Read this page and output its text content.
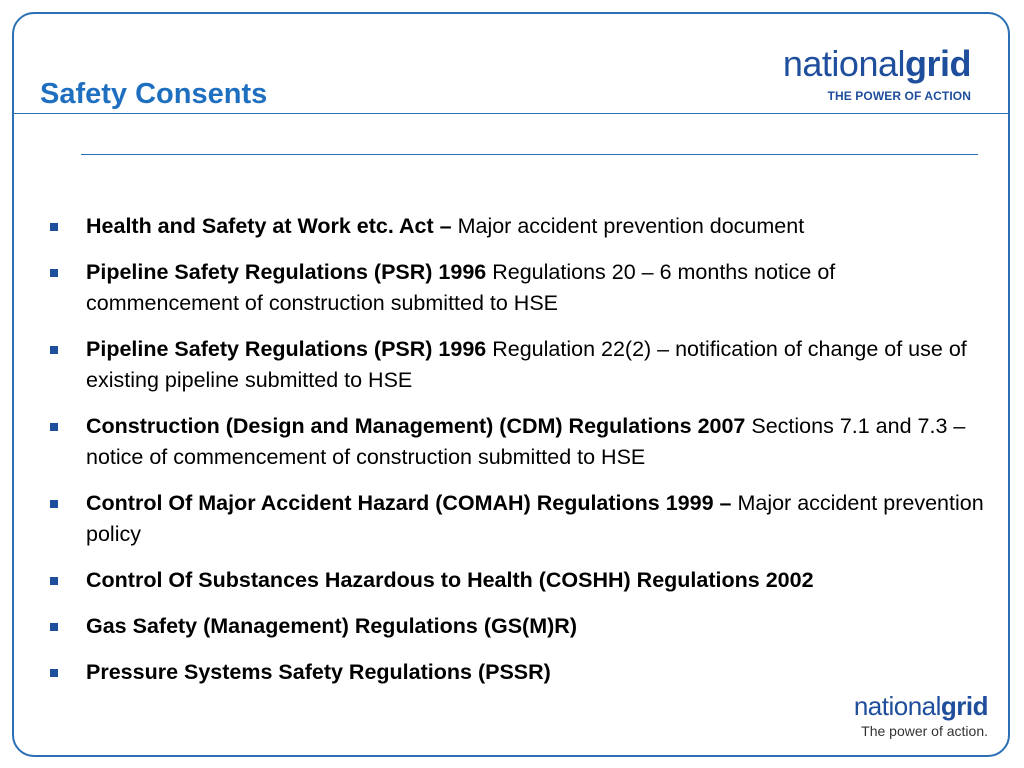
Safety Consents
nationalgrid
THE POWER OF ACTION
Health and Safety at Work etc. Act – Major accident prevention document
Pipeline Safety Regulations (PSR) 1996 Regulations 20 – 6 months notice of commencement of construction submitted to HSE
Pipeline Safety Regulations (PSR) 1996 Regulation 22(2) – notification of change of use of existing pipeline submitted to HSE
Construction (Design and Management) (CDM) Regulations 2007 Sections 7.1 and 7.3 – notice of commencement of construction submitted to HSE
Control Of Major Accident Hazard (COMAH) Regulations 1999 – Major accident prevention policy
Control Of Substances Hazardous to Health (COSHH) Regulations 2002
Gas Safety (Management) Regulations (GS(M)R)
Pressure Systems Safety Regulations (PSSR)
nationalgrid
The power of action.
